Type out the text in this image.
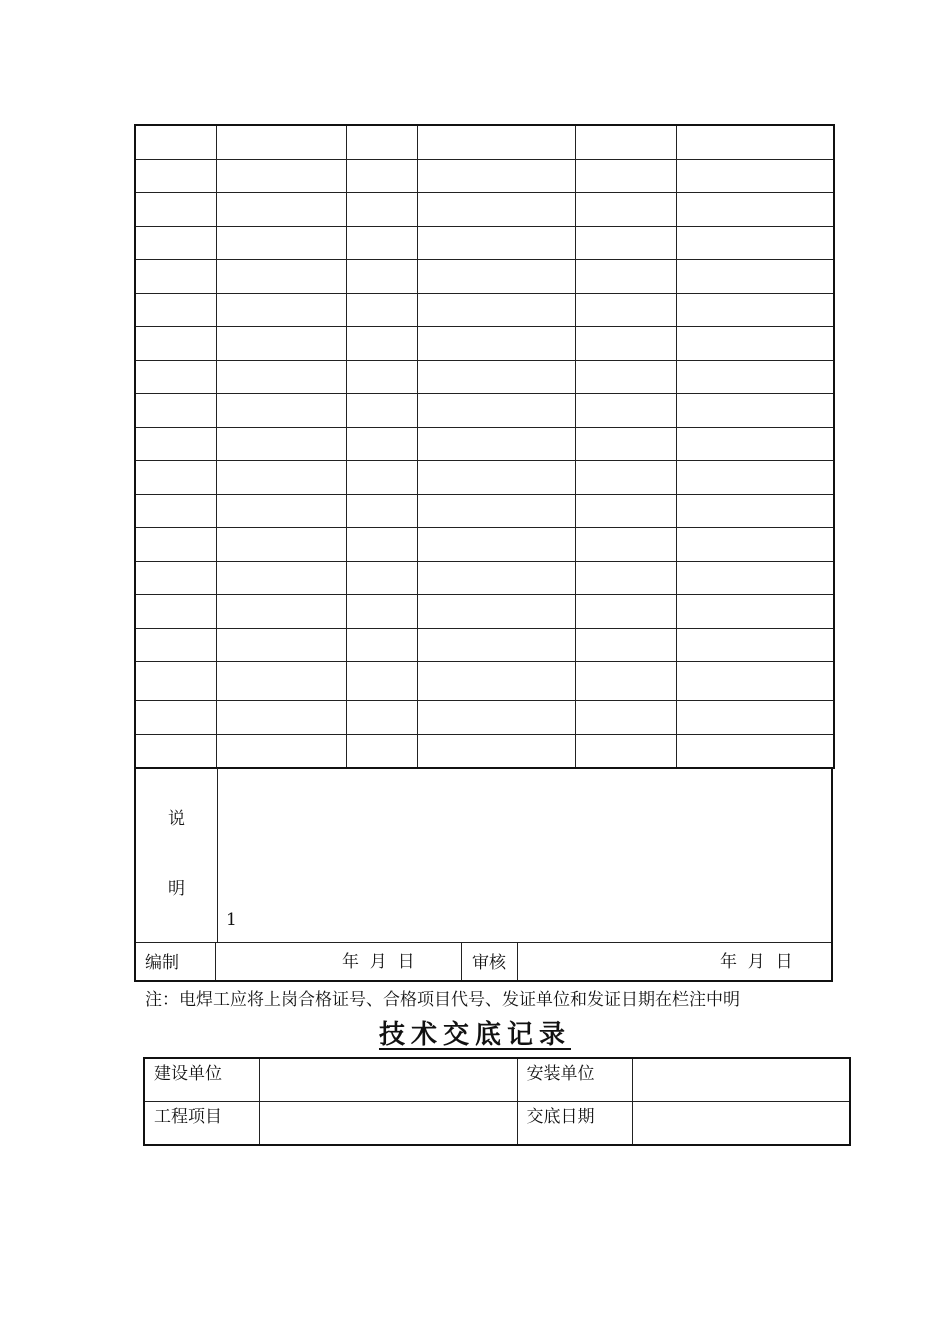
说
明
1
编制	年  月  日	审核	年  月  日
注：电焊工应将上岗合格证号、合格项目代号、发证单位和发证日期在栏注中明
技术交底记录
建设单位		安装单位	
工程项目		交底日期	
